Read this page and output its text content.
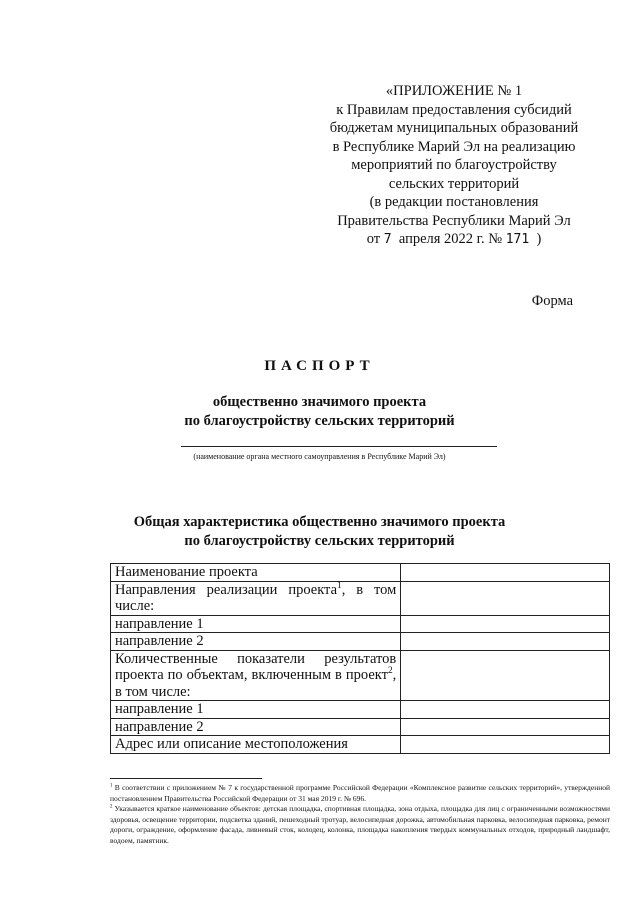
«ПРИЛОЖЕНИЕ № 1
к Правилам предоставления субсидий
бюджетам муниципальных образований
в Республике Марий Эл на реализацию
мероприятий по благоустройству
сельских территорий
(в редакции постановления
Правительства Республики Марий Эл
от 7 апреля 2022 г. № 171 )
Форма
ПАСПОРТ
общественно значимого проекта
по благоустройству сельских территорий
(наименование органа местного самоуправления в Республике Марий Эл)
Общая характеристика общественно значимого проекта
по благоустройству сельских территорий
Наименование проекта	
Направления реализации проекта$^1$, в том числе:	
направление 1	
направление 2	
Количественные показатели результатов проекта по объектам, включенным в проект$^2$, в том числе:	
направление 1	
направление 2	
Адрес или описание местоположения	

$^1$ В соответствии с приложением № 7 к государственной программе Российской Федерации «Комплексное развитие сельских территорий», утвержденной постановлением Правительства Российской Федерации от 31 мая 2019 г. № 696.

$^2$ Указывается краткое наименование объектов: детская площадка, спортивная площадка, зона отдыха, площадка для лиц с ограниченными возможностями здоровья, освещение территории, подсветка зданий, пешеходный тротуар, велосипедная дорожка, автомобильная парковка, велосипедная парковка, ремонт дороги, ограждение, оформление фасада, ливневый сток, колодец, колонка, площадка накопления твердых коммунальных отходов, природный ландшафт, водоем, памятник.
